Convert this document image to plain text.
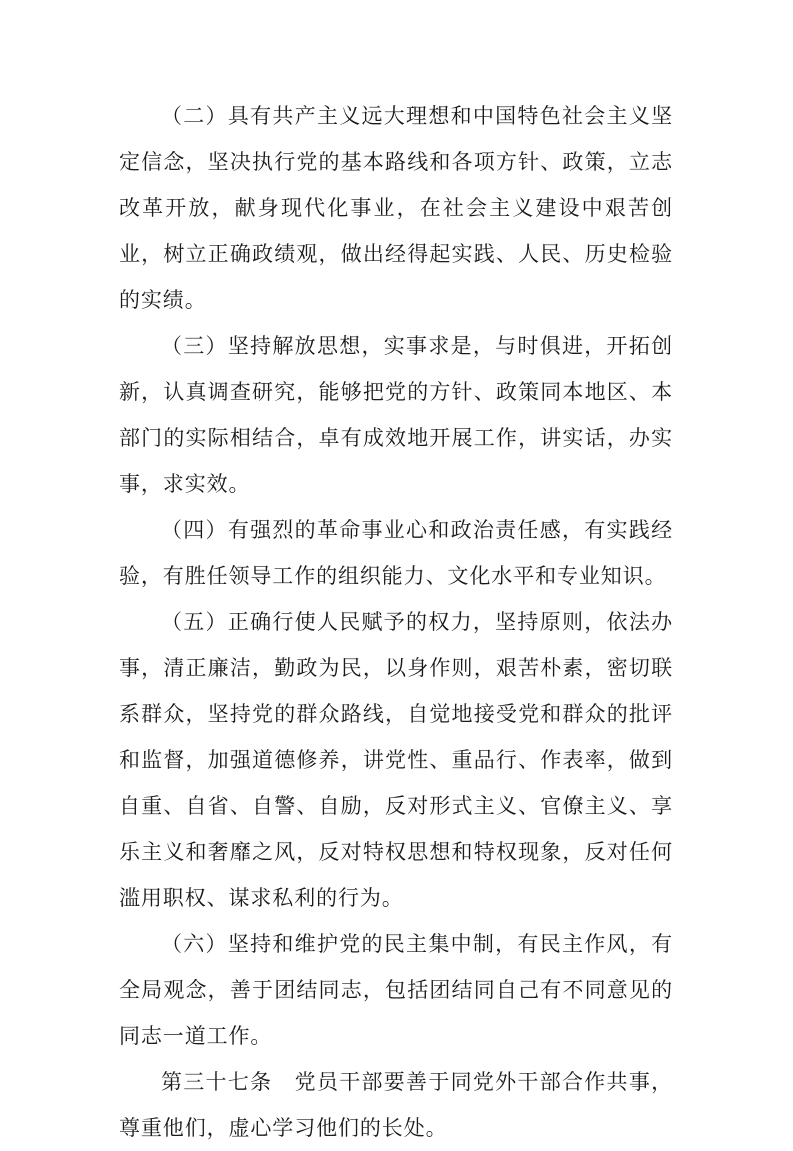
（二）具有共产主义远大理想和中国特色社会主义坚定信念，坚决执行党的基本路线和各项方针、政策，立志改革开放，献身现代化事业，在社会主义建设中艰苦创业，树立正确政绩观，做出经得起实践、人民、历史检验的实绩。

（三）坚持解放思想，实事求是，与时俱进，开拓创新，认真调查研究，能够把党的方针、政策同本地区、本部门的实际相结合，卓有成效地开展工作，讲实话，办实事，求实效。

（四）有强烈的革命事业心和政治责任感，有实践经验，有胜任领导工作的组织能力、文化水平和专业知识。

（五）正确行使人民赋予的权力，坚持原则，依法办事，清正廉洁，勤政为民，以身作则，艰苦朴素，密切联系群众，坚持党的群众路线，自觉地接受党和群众的批评和监督，加强道德修养，讲党性、重品行、作表率，做到自重、自省、自警、自励，反对形式主义、官僚主义、享乐主义和奢靡之风，反对特权思想和特权现象，反对任何滥用职权、谋求私利的行为。

（六）坚持和维护党的民主集中制，有民主作风，有全局观念，善于团结同志，包括团结同自己有不同意见的同志一道工作。

第三十七条　党员干部要善于同党外干部合作共事，尊重他们，虚心学习他们的长处。
